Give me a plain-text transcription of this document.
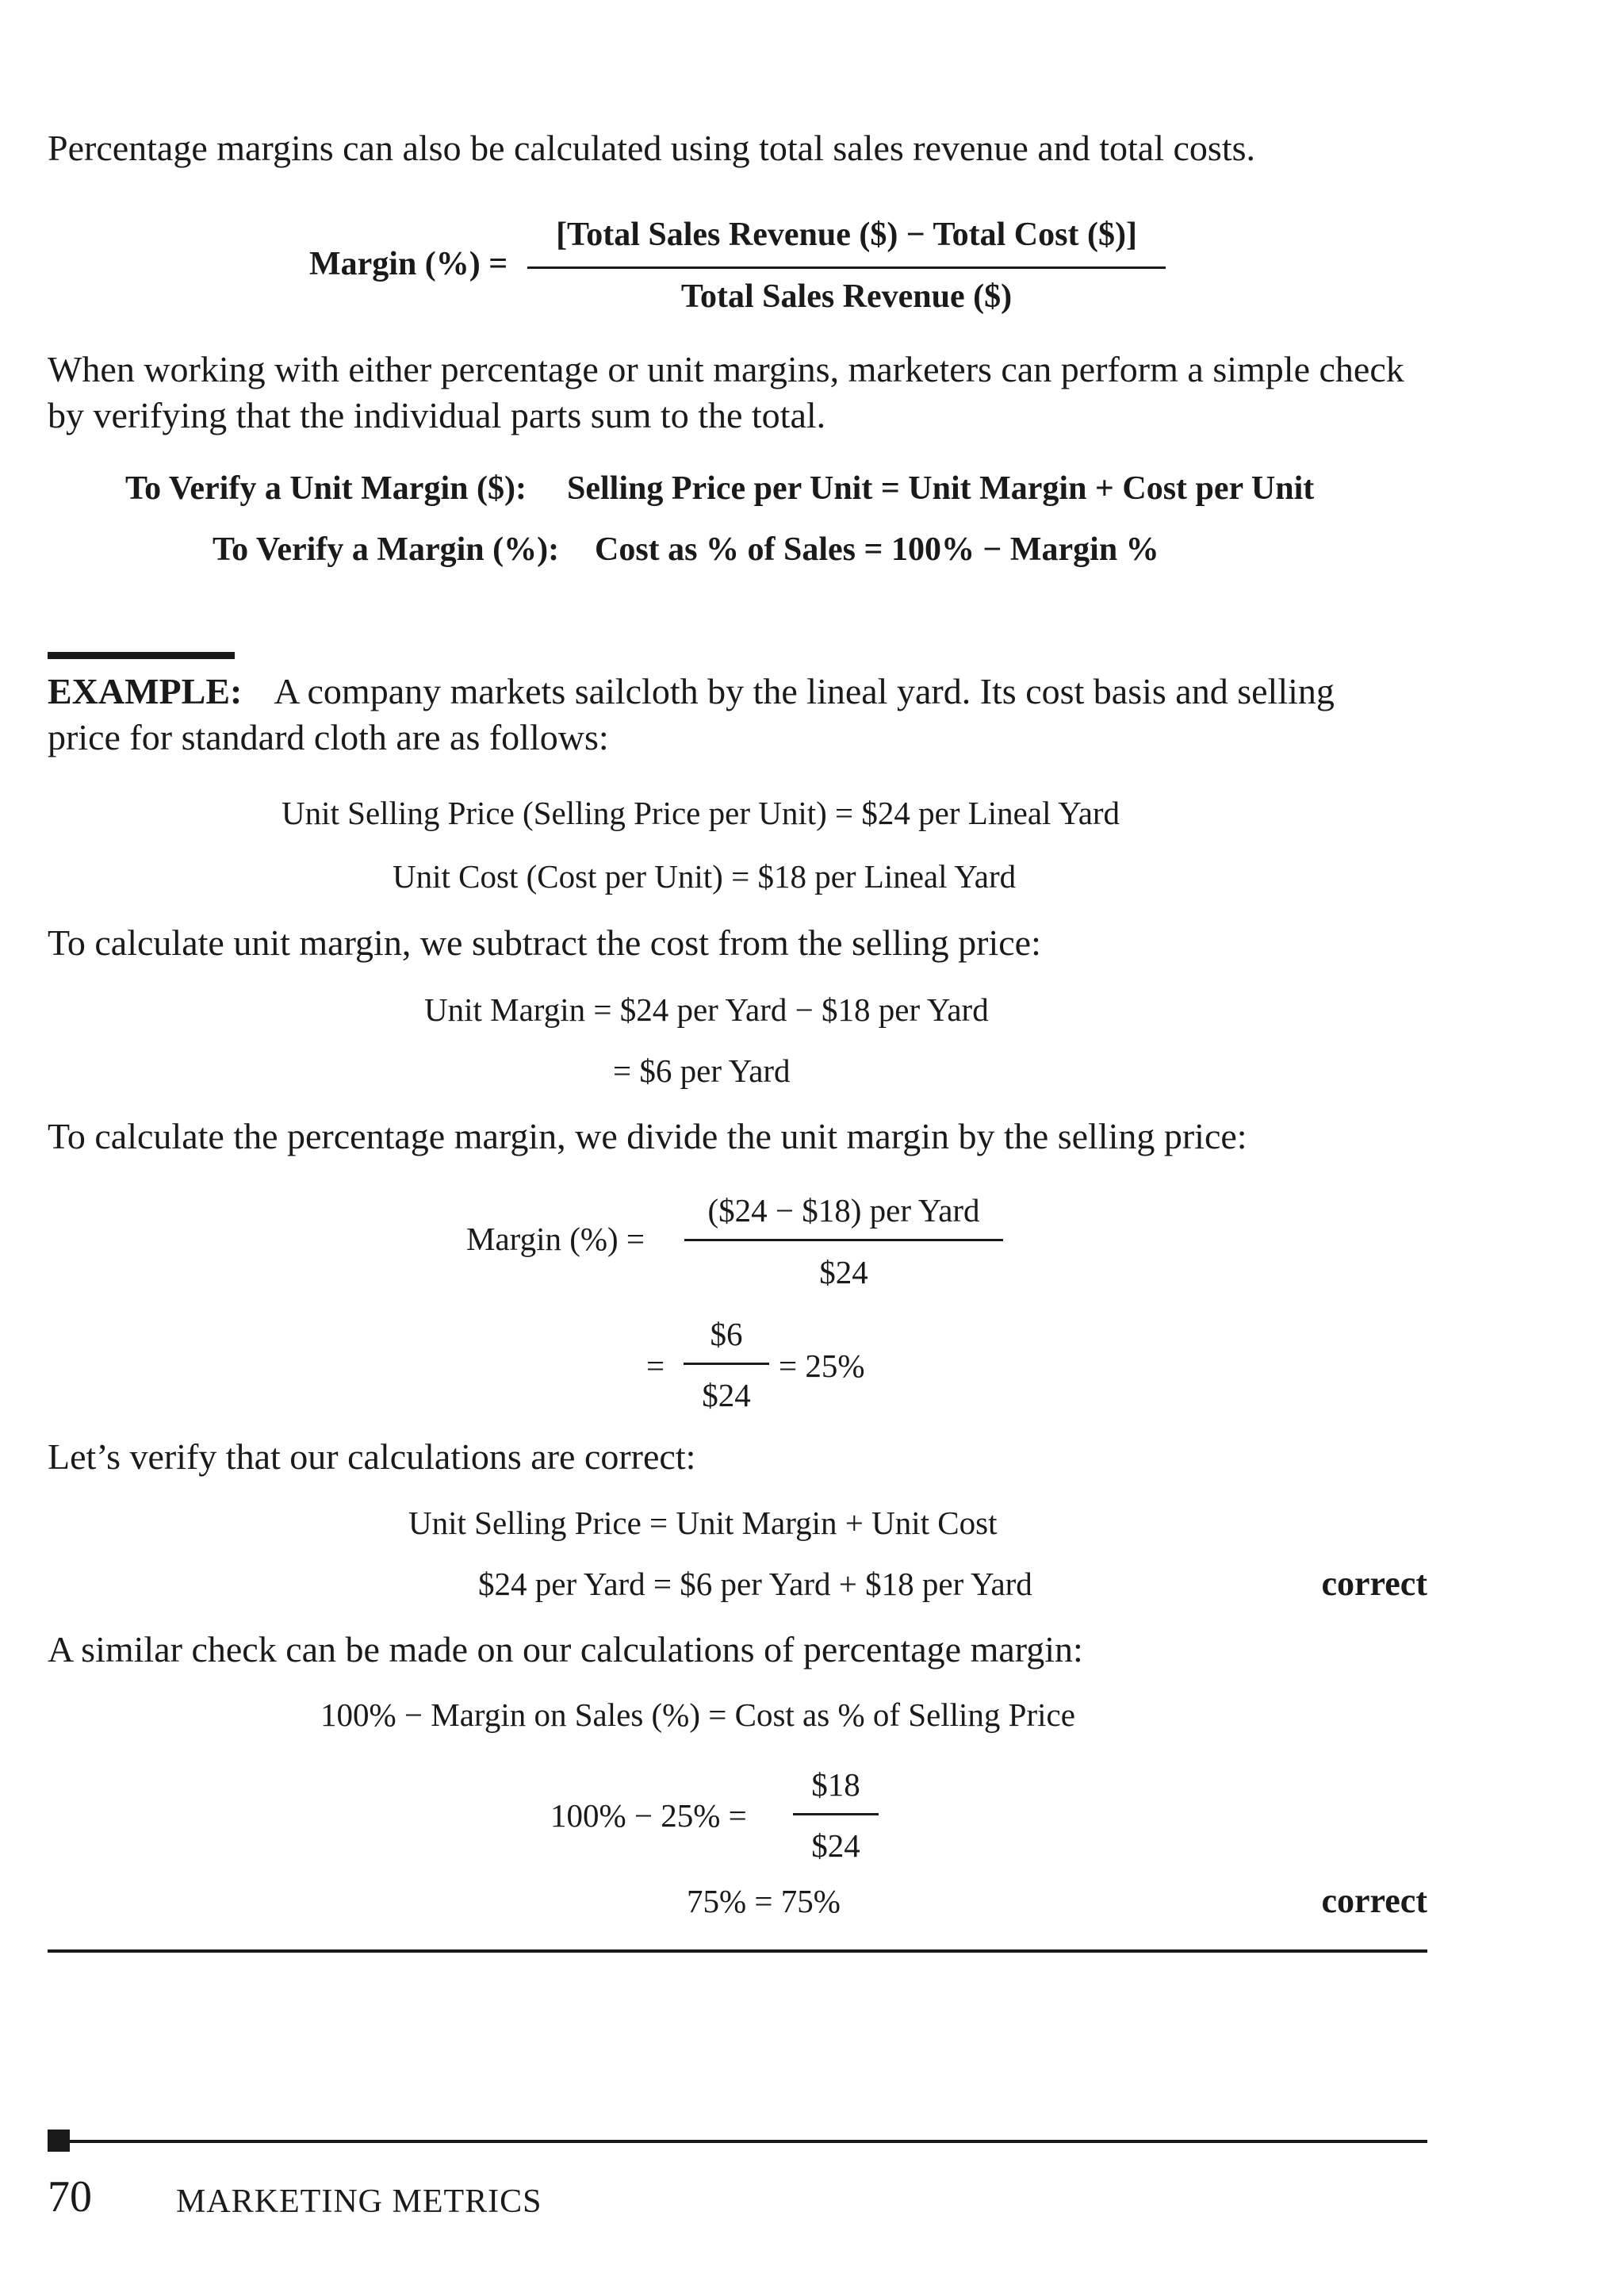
Percentage margins can also be calculated using total sales revenue and total costs.
Margin (%) =
[Total Sales Revenue ($) − Total Cost ($)]
Total Sales Revenue ($)
When working with either percentage or unit margins, marketers can perform a simple check by verifying that the individual parts sum to the total.
To Verify a Unit Margin ($): Selling Price per Unit = Unit Margin + Cost per Unit
To Verify a Margin (%): Cost as % of Sales = 100% − Margin %
EXAMPLE: A company markets sailcloth by the lineal yard. Its cost basis and selling
price for standard cloth are as follows:
Unit Selling Price (Selling Price per Unit) = $24 per Lineal Yard
Unit Cost (Cost per Unit) = $18 per Lineal Yard
To calculate unit margin, we subtract the cost from the selling price:
Unit Margin = $24 per Yard − $18 per Yard
= $6 per Yard
To calculate the percentage margin, we divide the unit margin by the selling price:
Margin (%) =
($24 − $18) per Yard
$24
=
$6
$24
= 25%
Let’s verify that our calculations are correct:
Unit Selling Price = Unit Margin + Unit Cost
$24 per Yard = $6 per Yard + $18 per Yard	correct
A similar check can be made on our calculations of percentage margin:
100% − Margin on Sales (%) = Cost as % of Selling Price
100% − 25% =
$18
$24
75% = 75%	correct
70	MARKETING METRICS
